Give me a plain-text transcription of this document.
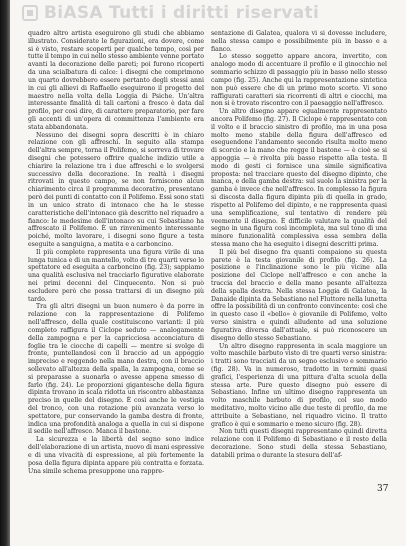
BiASA Tutti i diritti riservati

quadro altro artista eseguirono gli studi che abbiamo illustrato. Considerate le figurazioni, era dovere, come si è visto, restare scoperti per qualche tempo, così per tutte il tempo in cui nello stesso ambiente venne portato avanti la decorazione delle pareti; poi furono ricoperti da una scialbatura di calce: i disegni che comprimono un quarto dovrebbero essere pertanto degli stessi anni in cui gli allievi di Raffaello eseguirono il progetto del maestro nella volta della Loggia di Psiche. Un'altra interessante finalità di tali cartoni a fresco è data dal profilo, per così dire, di carattere preparatorio, per fare gli accenti di un'opera di committenza l'ambiente era stata abbandonata.

Nessuno dei disegni sopra descritti è in chiaro relazione con gli affreschi. In seguito alla stampa dell'altra sempre, torna il Polifemo, si sorreva di trovare disegni che potessero offrire qualche indizio utile a chiarire la relazione tra i due affreschi e lo svolgersi successivo della decorazione. In realtà i disegni ritrovati in questo campo, se non forniscono alcun chiarimento circa il programma decorativo, presentano però dei punti di contatto con il Polifemo. Essi sono stati in un unico strato di intonaco che ha le stesse caratteristiche dell'intonaco già descritto nel riquadro a fianco: le medesime dell'intonaco su cui Sebastiano ha affrescato il Polifemo. È un rinvenimento interessante poiché, molto lavorare, i disegni sono figure a testa eseguite a sanguigna, a matita e a carboncino.

Il più complete rappresenta una figura virile di una lunga tunica e di un mantello, volto di tre quarti verso lo spettatore ed eseguita a carboncino (fig. 23); sappiamo una qualità esclusiva nel tracciarlo figurative elaborate nei primi decenni del Cinquecento. Non si può escludere però che possa trattarsi di un disegno più tardo.

Tra gli altri disegni un buon numero è da porre in relazione con la rappresentazione di Polifemo nell'affresco, della quale costituiscono varianti: il più completo raffigura il Ciclope seduto — analogamente della zampogna e per la capricciosa acconciatura di foglie tra le ciocche di capelli — mentre si svolge di fronte, puntellandosi con il braccio ad un appoggio impreciso e reggendo nella mano destra, con il braccio sollevato all'altezza della spalla, la zampogna, come se si preparasse a suonarla o avesse appena smesso di farlo (fig. 24). Le proporzioni gigantesche della figura dipinta trovano in scala ridotta un riscontro abbastanza preciso in quelle del disegno. È così anche le vestigia del tronco, con una rotazione più avanzata verso lo spettatore, pur conservando la gamba destra di fronte, indica una profondità analoga a quella in cui si dispone il sedile nell'affresco. Manca il bastone.

La sicurezza e la libertà del segno sono indice dell'elaborazione di un artista, nuovo di mani espressive e di una vivacità di espressione, al più fortemente la posa della figura dipinta appare più contratta e forzata. Una simile schema presuppone una rappre-

sentazione di Galatea, qualora vi si dovesse includere, nella stessa campo e possibilmente più in basso e a fianco.

Lo stesso soggetto appare ancora, invertito, con analogo modo di accentuare il profilo e il ginocchio nel sommario schizzo di passaggio più in basso nello stesso campo (fig. 25). Anche qui la rappresentazione sintetica non può essere che di un primo moto scorto. Vi sono raffigurati caratteri sia ricorrenti di altri e ciocchi, ma non si è trovato riscontro con il paesaggio nell'affresco.

Un altro disegno appare egualmente rappresentato ancora Polifemo (fig. 27). Il Ciclope è rappresentato con il volto e il braccio sinistro di profilo, ma in una posa molto meno stabile della figura dell'affresco ed eseguendone l'andamento secondo risulta molto meno di scorcio e la mano che regge il bastone — è cioè se si appoggia — è rivolta più basso rispetto alla testa. Il modo di gesti ci fornisce una simile significativa proposta: nel tracciare questo del disegno dipinto, che manca, e della gamba destra: sul suolo la sinistra per la gamba è invece che nell'affresco. In complesso la figura si discosta dalla figura dipinta più di quella in grado, rispetto al Polifemo del dipinto, e ne rappresenta quasi una semplificazione, sul tentativo di rendere più veemente il disegno. È difficile valutare la qualità del segno in una figura così incompleta, ma sul tono di una minore funzionalità complessiva essa sembra della stessa mano che ha eseguito i disegni descritti prima.

Il più bel disegno fra quanti compaiono su questa parete è la testa giovanile di profilo (fig. 26). La posizione e l'inclinazione sono le più vicine alla posizione del Ciclope nell'affresco e con anche la traccia del braccio e della mano pesante all'altezza della spalla destra. Nella stessa Loggia di Galatea, la Danaide dipinta da Sebastiano nel Fluttore nella lunetta offre la possibilità di un confronto convincente: così che in questo caso il «bello» è giovanile di Polifemo, volto verso sinistra e quindi alludente ad una soluzione figurativa diversa dall'attuale, si può riconoscere un disegno dello stesso Sebastiano.

Un altro disegno rappresenta in scala maggiore un volto maschile barbuto visto di tre quarti verso sinistra: i tratti sono tracciati da un segno esclusivo e sommario (fig. 28). Va in numeroso, tradotto in termini quasi grafici, l'esperienza di una pittura d'alta scuola della stessa arte. Pure questo disegno può essere di Sebastiano. Infine un ultimo disegno rappresenta un volto maschile barbuto di profilo, col suo modo meditativo, molto vicino alle due teste di profilo, da me attribuite a Sebastiano, nel riquadro vicino. Il tratto grafico è qui e sommario e meno sicuro (fig. 28).

Non tutti questi disegni rappresentano quindi diretta relazione con il Polifemo di Sebastiano e il resto della decorazione. Sono studi della stessa Sebastiano, databili prima o durante la stesura dell'af-

37
